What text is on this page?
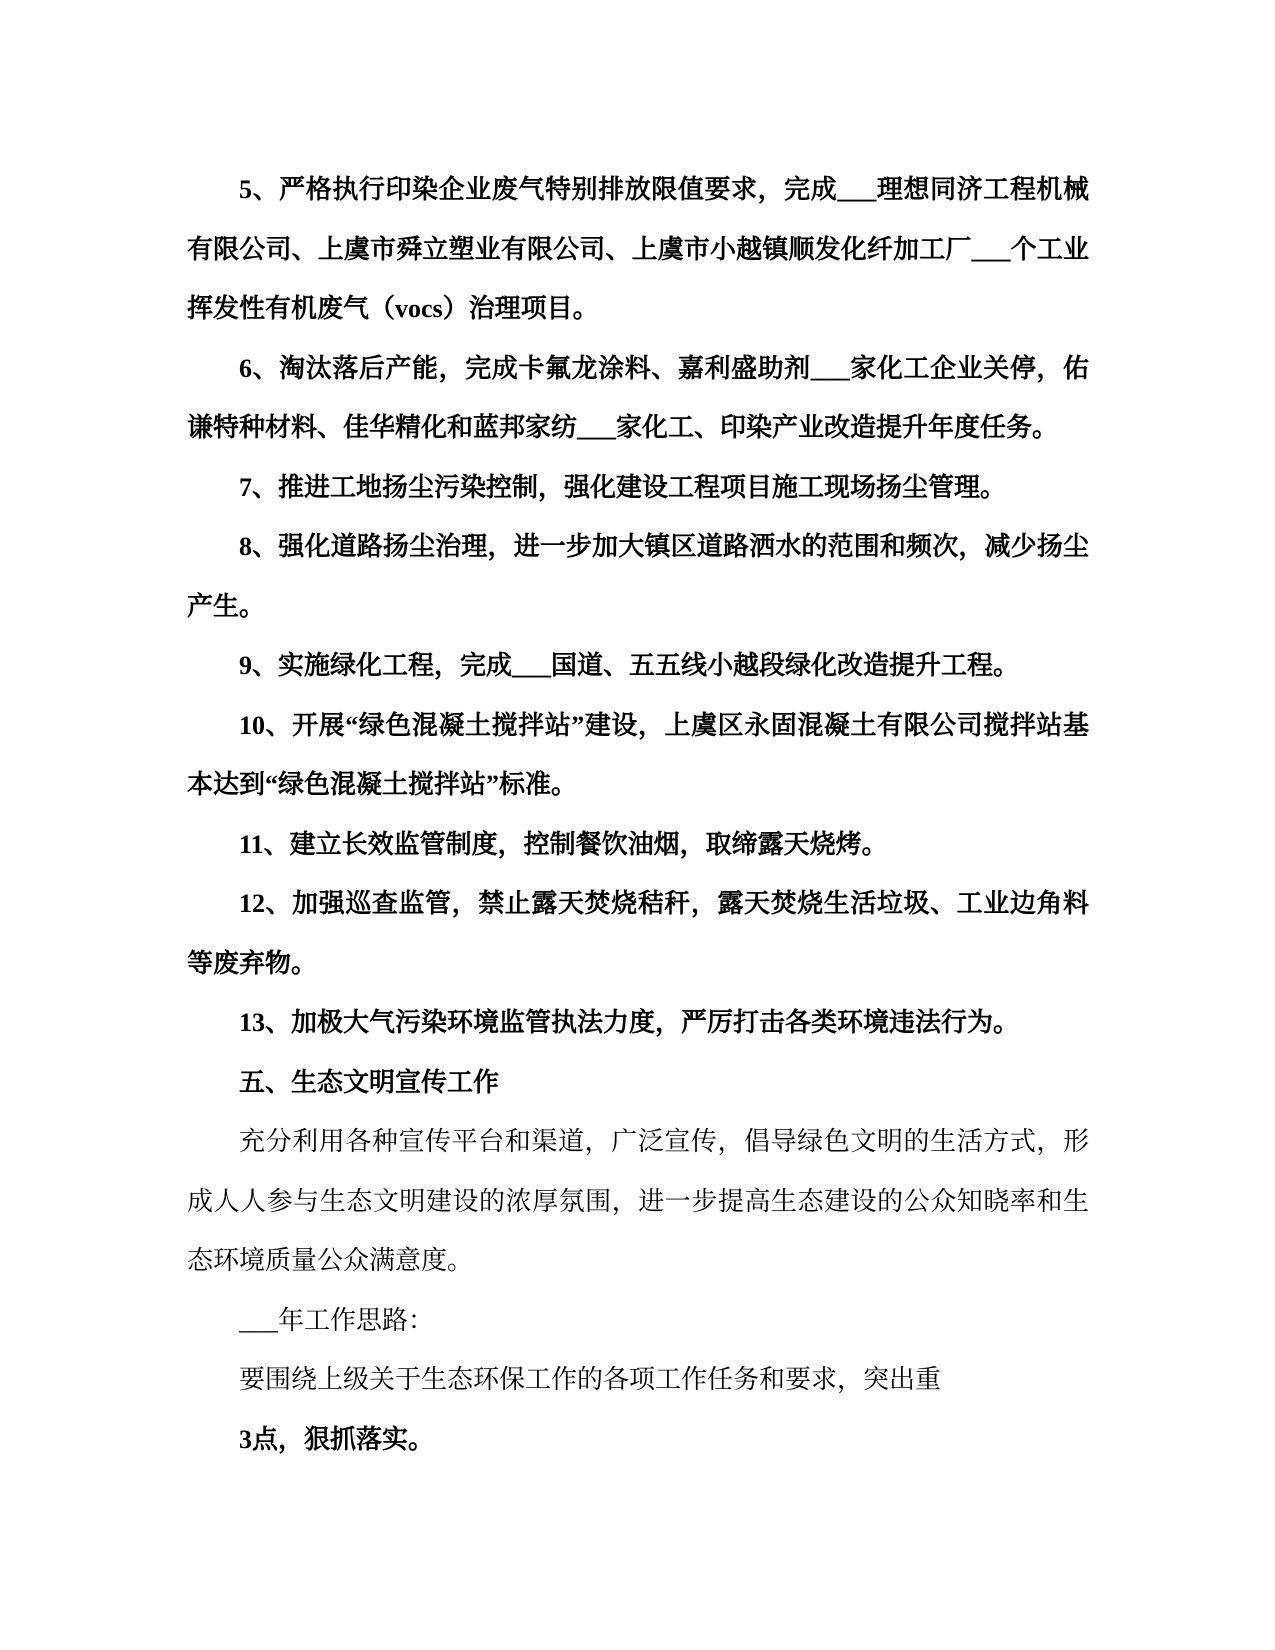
5、严格执行印染企业废气特别排放限值要求，完成___理想同济工程机械有限公司、上虞市舜立塑业有限公司、上虞市小越镇顺发化纤加工厂___个工业挥发性有机废气（vocs）治理项目。

6、淘汰落后产能，完成卡氟龙涂料、嘉利盛助剂___家化工企业关停，佑谦特种材料、佳华精化和蓝邦家纺___家化工、印染产业改造提升年度任务。

7、推进工地扬尘污染控制，强化建设工程项目施工现场扬尘管理。

8、强化道路扬尘治理，进一步加大镇区道路洒水的范围和频次，减少扬尘产生。

9、实施绿化工程，完成___国道、五五线小越段绿化改造提升工程。

10、开展“绿色混凝土搅拌站”建设，上虞区永固混凝土有限公司搅拌站基本达到“绿色混凝土搅拌站”标准。

11、建立长效监管制度，控制餐饮油烟，取缔露天烧烤。

12、加强巡查监管，禁止露天焚烧秸秆，露天焚烧生活垃圾、工业边角料等废弃物。

13、加极大气污染环境监管执法力度，严厉打击各类环境违法行为。

五、生态文明宣传工作

充分利用各种宣传平台和渠道，广泛宣传，倡导绿色文明的生活方式，形成人人参与生态文明建设的浓厚氛围，进一步提高生态建设的公众知晓率和生态环境质量公众满意度。

___年工作思路：

要围绕上级关于生态环保工作的各项工作任务和要求，突出重

3点，狠抓落实。
